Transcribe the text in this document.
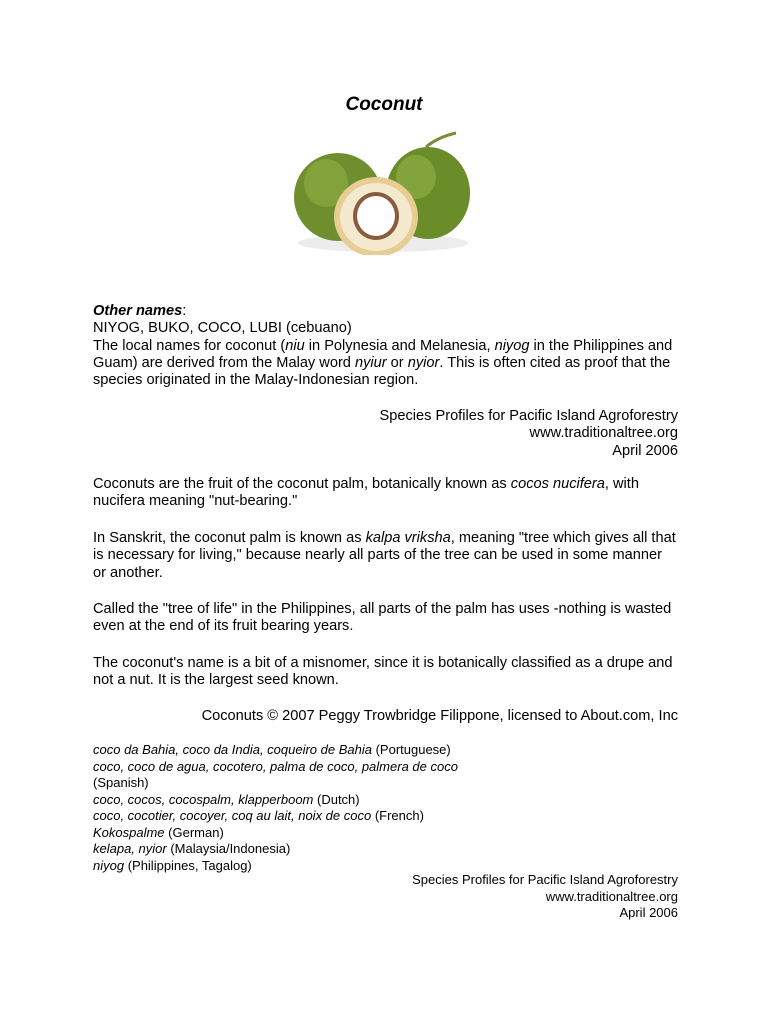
Coconut

Other names:

NIYOG, BUKO, COCO, LUBI (cebuano)

The local names for coconut (niu in Polynesia and Melanesia, niyog in the Philippines and Guam) are derived from the Malay word nyiur or nyior. This is often cited as proof that the species originated in the Malay-Indonesian region.

Species Profiles for Pacific Island Agroforestry

www.traditionaltree.org

April 2006

Coconuts are the fruit of the coconut palm, botanically known as cocos nucifera, with nucifera meaning "nut-bearing."

In Sanskrit, the coconut palm is known as kalpa vriksha, meaning "tree which gives all that is necessary for living," because nearly all parts of the tree can be used in some manner or another.

Called the "tree of life" in the Philippines, all parts of the palm has uses -nothing is wasted even at the end of its fruit bearing years.

The coconut's name is a bit of a misnomer, since it is botanically classified as a drupe and not a nut. It is the largest seed known.

Coconuts © 2007 Peggy Trowbridge Filippone, licensed to About.com, Inc

coco da Bahia, coco da India, coqueiro de Bahia (Portuguese)

coco, coco de agua, cocotero, palma de coco, palmera de coco (Spanish)

coco, cocos, cocospalm, klapperboom (Dutch)

coco, cocotier, cocoyer, coq au lait, noix de coco (French)

Kokospalme (German)

kelapa, nyior (Malaysia/Indonesia)

niyog (Philippines, Tagalog)

Species Profiles for Pacific Island Agroforestry

www.traditionaltree.org

April 2006
